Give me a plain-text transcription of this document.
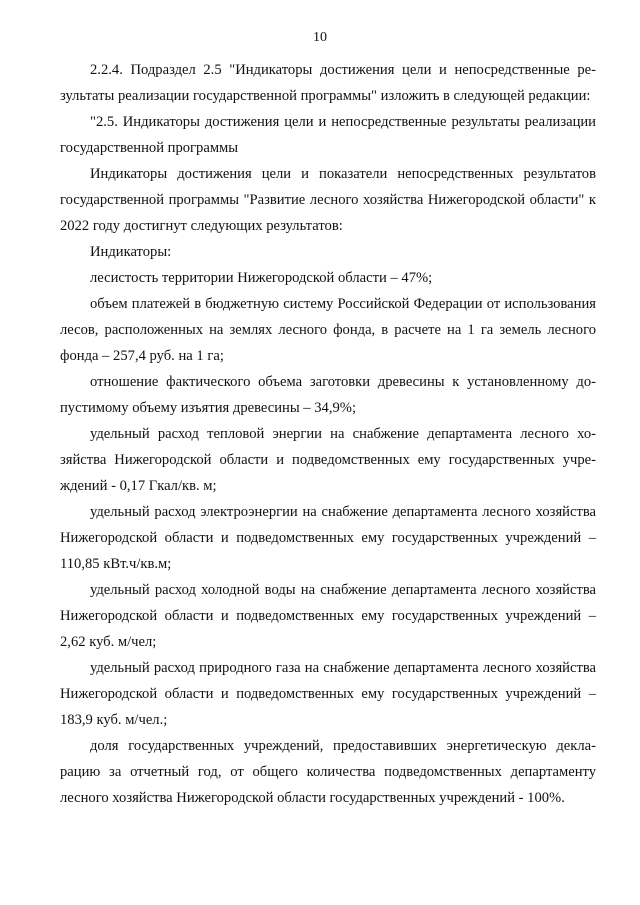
10

2.2.4. Подраздел 2.5 "Индикаторы достижения цели и непосредственные результаты реализации государственной программы" изложить в следующей редакции:

"2.5. Индикаторы достижения цели и непосредственные результаты реализации государственной программы

Индикаторы достижения цели и показатели непосредственных результатов государственной программы "Развитие лесного хозяйства Нижегородской области" к 2022 году достигнут следующих результатов:

Индикаторы:

лесистость территории Нижегородской области – 47%;

объем платежей в бюджетную систему Российской Федерации от использования лесов, расположенных на землях лесного фонда, в расчете на 1 га земель лесного фонда – 257,4 руб. на 1 га;

отношение фактического объема заготовки древесины к установленному допустимому объему изъятия древесины – 34,9%;

удельный расход тепловой энергии на снабжение департамента лесного хозяйства Нижегородской области и подведомственных ему государственных учреждений - 0,17 Гкал/кв. м;

удельный расход электроэнергии на снабжение департамента лесного хозяйства Нижегородской области и подведомственных ему государственных учреждений – 110,85 кВт.ч/кв.м;

удельный расход холодной воды на снабжение департамента лесного хозяйства Нижегородской области и подведомственных ему государственных учреждений – 2,62 куб. м/чел;

удельный расход природного газа на снабжение департамента лесного хозяйства Нижегородской области и подведомственных ему государственных учреждений – 183,9 куб. м/чел.;

доля государственных учреждений, предоставивших энергетическую декларацию за отчетный год, от общего количества подведомственных департаменту лесного хозяйства Нижегородской области государственных учреждений - 100%.
